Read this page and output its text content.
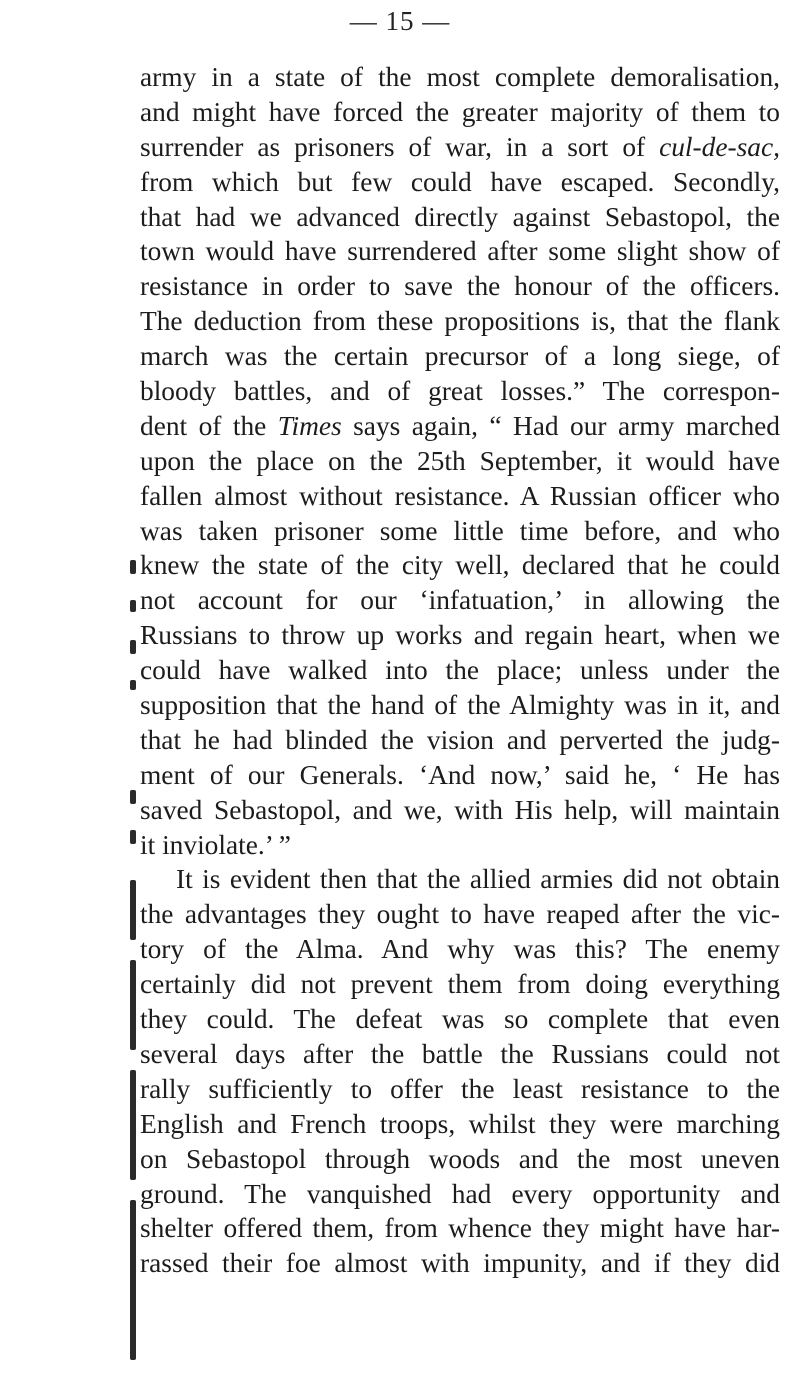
— 15 —
army in a state of the most complete demoralisation,
and might have forced the greater majority of them to
surrender as prisoners of war, in a sort of cul-de-sac,
from which but few could have escaped. Secondly,
that had we advanced directly against Sebastopol, the
town would have surrendered after some slight show of
resistance in order to save the honour of the officers.
The deduction from these propositions is, that the flank
march was the certain precursor of a long siege, of
bloody battles, and of great losses.” The correspon-
dent of the Times says again, “ Had our army marched
upon the place on the 25th September, it would have
fallen almost without resistance. A Russian officer who
was taken prisoner some little time before, and who
knew the state of the city well, declared that he could
not account for our ‘infatuation,’ in allowing the
Russians to throw up works and regain heart, when we
could have walked into the place; unless under the
supposition that the hand of the Almighty was in it, and
that he had blinded the vision and perverted the judg-
ment of our Generals. ‘And now,’ said he, ‘ He has
saved Sebastopol, and we, with His help, will maintain
it inviolate.’ ”
It is evident then that the allied armies did not obtain
the advantages they ought to have reaped after the vic-
tory of the Alma. And why was this? The enemy
certainly did not prevent them from doing everything
they could. The defeat was so complete that even
several days after the battle the Russians could not
rally sufficiently to offer the least resistance to the
English and French troops, whilst they were marching
on Sebastopol through woods and the most uneven
ground. The vanquished had every opportunity and
shelter offered them, from whence they might have har-
rassed their foe almost with impunity, and if they did
